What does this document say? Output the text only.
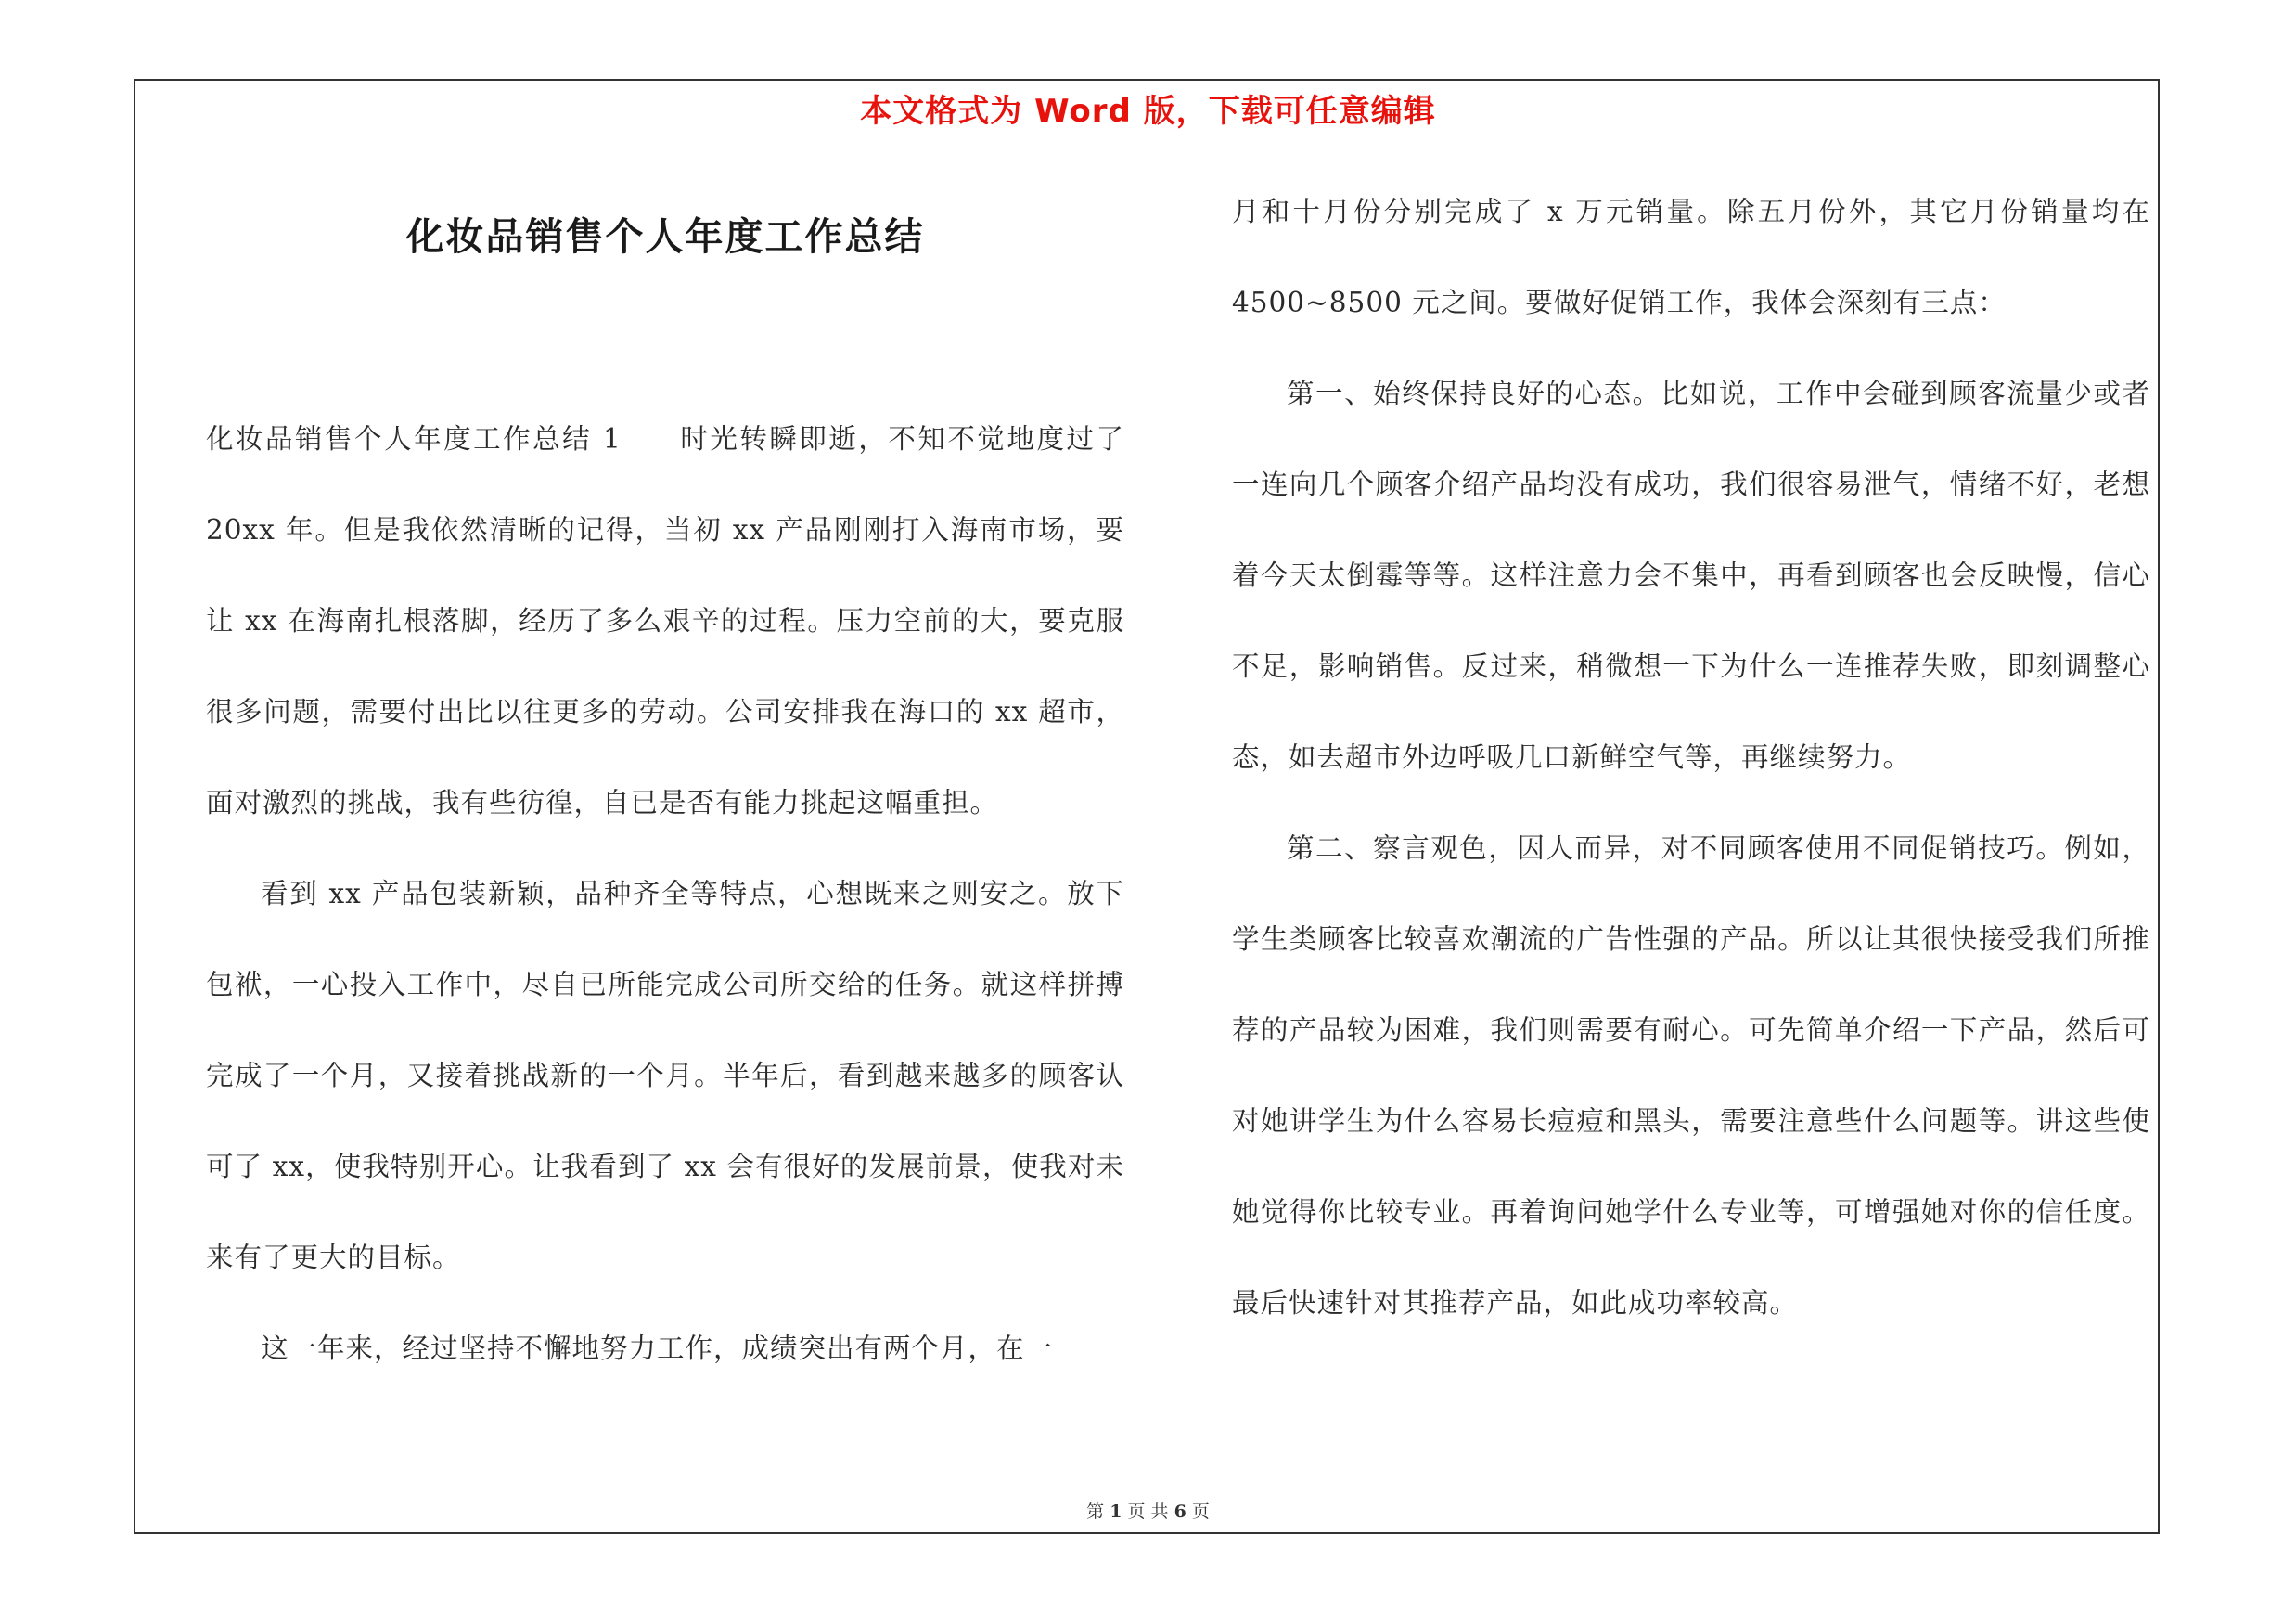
本文格式为 Word 版，下载可任意编辑
化妆品销售个人年度工作总结

化妆品销售个人年度工作总结 1 时光转瞬即逝，不知不觉地度过了 20xx 年。但是我依然清晰的记得，当初 xx 产品刚刚打入海南市场，要让 xx 在海南扎根落脚，经历了多么艰辛的过程。压力空前的大，要克服很多问题，需要付出比以往更多的劳动。公司安排我在海口的 xx 超市，面对激烈的挑战，我有些彷徨，自已是否有能力挑起这幅重担。

看到 xx 产品包装新颖，品种齐全等特点，心想既来之则安之。放下包袱，一心投入工作中，尽自已所能完成公司所交给的任务。就这样拼搏完成了一个月，又接着挑战新的一个月。半年后，看到越来越多的顾客认可了 xx，使我特别开心。让我看到了 xx 会有很好的发展前景，使我对未来有了更大的目标。

这一年来，经过坚持不懈地努力工作，成绩突出有两个月，在一

月和十月份分别完成了 x 万元销量。除五月份外，其它月份销量均在 4500~8500 元之间。要做好促销工作，我体会深刻有三点：

第一、始终保持良好的心态。比如说，工作中会碰到顾客流量少或者一连向几个顾客介绍产品均没有成功，我们很容易泄气，情绪不好，老想着今天太倒霉等等。这样注意力会不集中，再看到顾客也会反映慢，信心不足，影响销售。反过来，稍微想一下为什么一连推荐失败，即刻调整心态，如去超市外边呼吸几口新鲜空气等，再继续努力。

第二、察言观色，因人而异，对不同顾客使用不同促销技巧。例如，学生类顾客比较喜欢潮流的广告性强的产品。所以让其很快接受我们所推荐的产品较为困难，我们则需要有耐心。可先简单介绍一下产品，然后可对她讲学生为什么容易长痘痘和黑头，需要注意些什么问题等。讲这些使她觉得你比较专业。再着询问她学什么专业等，可增强她对你的信任度。最后快速针对其推荐产品，如此成功率较高。

第 1 页 共 6 页
